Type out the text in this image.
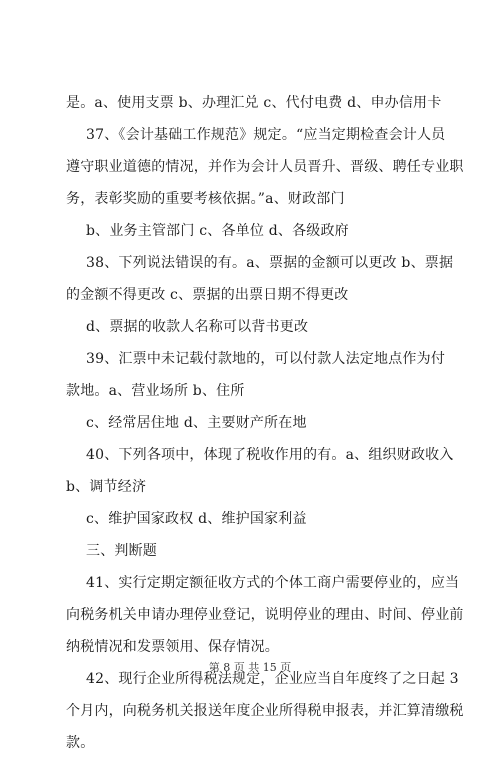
是。a、使用支票 b、办理汇兑 c、代付电费 d、申办信用卡
37、《会计基础工作规范》规定。“应当定期检查会计人员
遵守职业道德的情况，并作为会计人员晋升、晋级、聘任专业职
务，表彰奖励的重要考核依据。”a、财政部门
b、业务主管部门 c、各单位 d、各级政府
38、下列说法错误的有。a、票据的金额可以更改 b、票据
的金额不得更改 c、票据的出票日期不得更改
d、票据的收款人名称可以背书更改
39、汇票中未记载付款地的，可以付款人法定地点作为付
款地。a、营业场所 b、住所
c、经常居住地 d、主要财产所在地
40、下列各项中，体现了税收作用的有。a、组织财政收入
b、调节经济
c、维护国家政权 d、维护国家利益
三、判断题
41、实行定期定额征收方式的个体工商户需要停业的，应当
向税务机关申请办理停业登记，说明停业的理由、时间、停业前
纳税情况和发票领用、保存情况。
42、现行企业所得税法规定，企业应当自年度终了之日起 3
个月内，向税务机关报送年度企业所得税申报表，并汇算清缴税
款。
第 8 页 共 15 页
